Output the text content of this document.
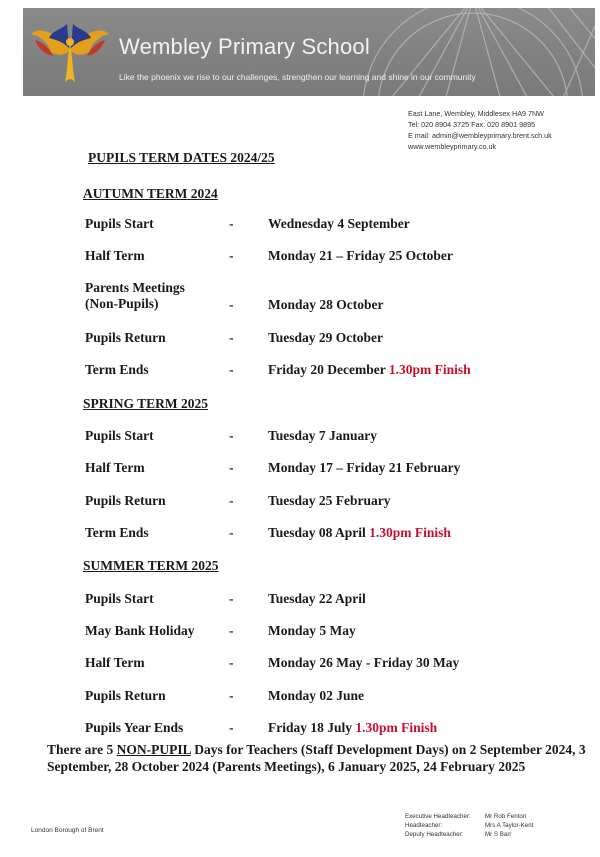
Wembley Primary School
Like the phoenix we rise to our challenges, strengthen our learning and shine in our community
East Lane, Wembley, Middlesex HA9 7NW
Tel: 020 8904 3725 Fax: 020 8901 9895
E mail: admin@wembleyprimary.brent.sch.uk
www.wembleyprimary.co.uk
PUPILS TERM DATES 2024/25
AUTUMN TERM 2024
Pupils Start	-	Wednesday 4 September
Half Term	-	Monday 21 – Friday 25 October
Parents Meetings
(Non-Pupils)	-	Monday 28 October
Pupils Return	-	Tuesday 29 October
Term Ends	-	Friday 20 December 1.30pm Finish
SPRING TERM 2025
Pupils Start	-	Tuesday 7 January
Half Term	-	Monday 17 – Friday 21 February
Pupils Return	-	Tuesday 25 February
Term Ends	-	Tuesday 08 April 1.30pm Finish
SUMMER TERM 2025
Pupils Start	-	Tuesday 22 April
May Bank Holiday	-	Monday 5 May
Half Term	-	Monday 26 May - Friday 30 May
Pupils Return	-	Monday 02 June
Pupils Year Ends	-	Friday 18 July 1.30pm Finish
There are 5 NON-PUPIL Days for Teachers (Staff Development Days) on 2 September 2024, 3 September, 28 October 2024 (Parents Meetings), 6 January 2025, 24 February 2025
London Borough of Brent
Executive Headteacher: Mr Rob Fenton
Headteacher:	Mrs A Taylor-Kent
Deputy Headteacher:	Mr S Barr
